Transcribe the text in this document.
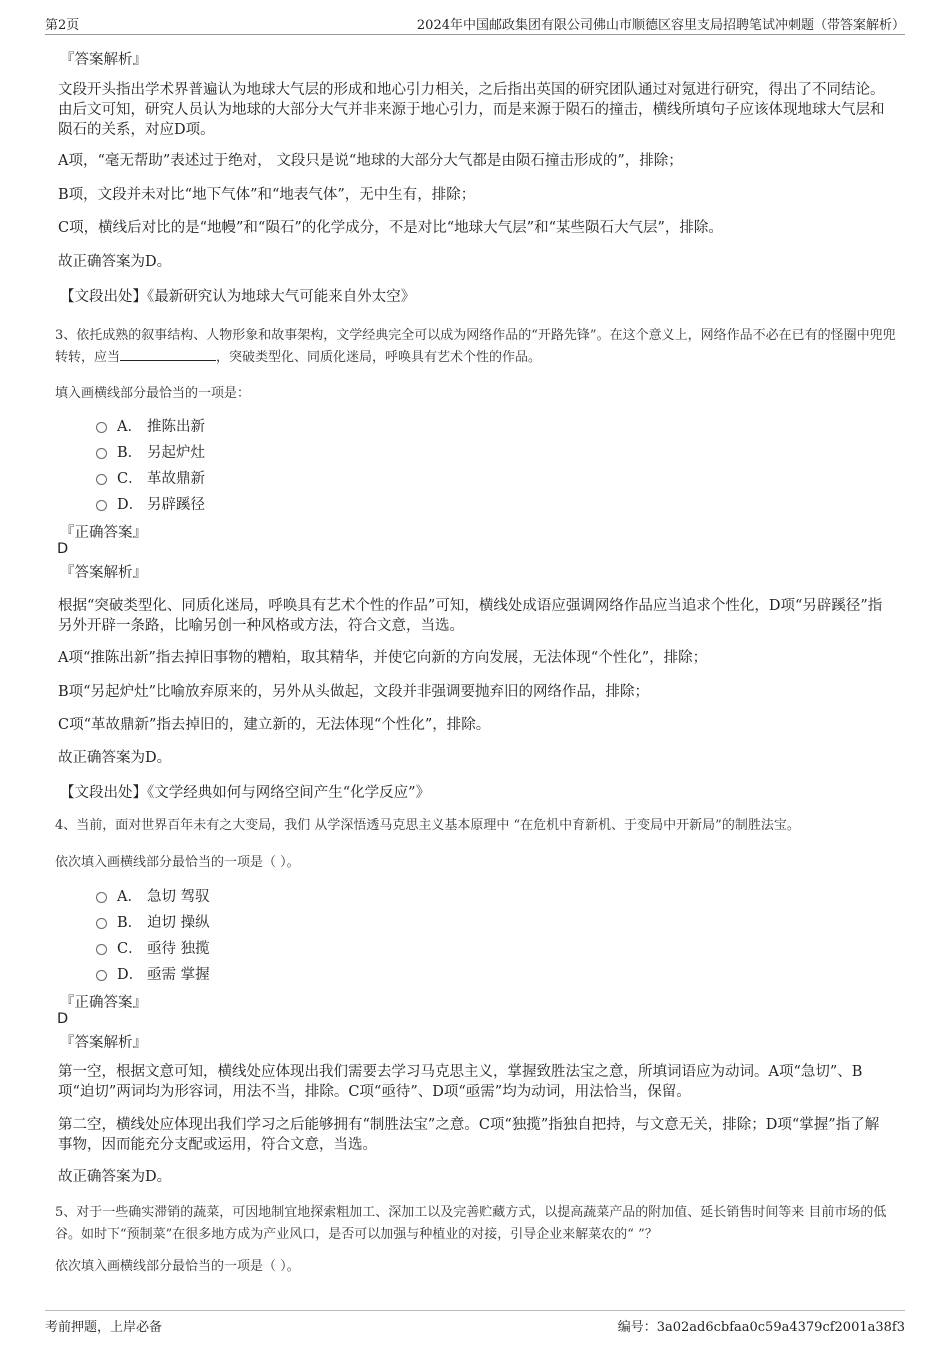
第2页	2024年中国邮政集团有限公司佛山市顺德区容里支局招聘笔试冲刺题（带答案解析）
『答案解析』

文段开头指出学术界普遍认为地球大气层的形成和地心引力相关，之后指出英国的研究团队通过对氪进行研究，得出了不同结论。由后文可知，研究人员认为地球的大部分大气并非来源于地心引力，而是来源于陨石的撞击，横线所填句子应该体现地球大气层和陨石的关系，对应D项。

A项，“毫无帮助”表述过于绝对， 文段只是说“地球的大部分大气都是由陨石撞击形成的”，排除；

B项，文段并未对比“地下气体”和“地表气体”，无中生有，排除；

C项，横线后对比的是“地幔”和“陨石”的化学成分，不是对比“地球大气层”和“某些陨石大气层”，排除。

故正确答案为D。

【文段出处】《最新研究认为地球大气可能来自外太空》

3、依托成熟的叙事结构、人物形象和故事架构，文学经典完全可以成为网络作品的“开路先锋”。在这个意义上，网络作品不必在已有的怪圈中兜兜转转，应当	，突破类型化、同质化迷局，呼唤具有艺术个性的作品。

填入画横线部分最恰当的一项是：
A． 推陈出新
B． 另起炉灶
C． 革故鼎新
D． 另辟蹊径
『正确答案』
D
『答案解析』

根据“突破类型化、同质化迷局，呼唤具有艺术个性的作品”可知，横线处成语应强调网络作品应当追求个性化，D项“另辟蹊径”指另外开辟一条路，比喻另创一种风格或方法，符合文意，当选。

A项“推陈出新”指去掉旧事物的糟粕，取其精华，并使它向新的方向发展，无法体现“个性化”，排除；

B项“另起炉灶”比喻放弃原来的，另外从头做起，文段并非强调要抛弃旧的网络作品，排除；

C项“革故鼎新”指去掉旧的，建立新的，无法体现“个性化”，排除。

故正确答案为D。

【文段出处】《文学经典如何与网络空间产生“化学反应”》

4、当前，面对世界百年未有之大变局，我们 从学深悟透马克思主义基本原理中 “在危机中育新机、于变局中开新局”的制胜法宝。

依次填入画横线部分最恰当的一项是（ ）。
A． 急切 驾驭
B． 迫切 操纵
C． 亟待 独揽
D． 亟需 掌握
『正确答案』
D
『答案解析』

第一空，根据文意可知，横线处应体现出我们需要去学习马克思主义，掌握致胜法宝之意，所填词语应为动词。A项“急切”、B项“迫切”两词均为形容词，用法不当，排除。C项“亟待”、D项“亟需”均为动词，用法恰当，保留。

第二空，横线处应体现出我们学习之后能够拥有“制胜法宝”之意。C项“独揽”指独自把持，与文意无关，排除；D项“掌握”指了解事物，因而能充分支配或运用，符合文意，当选。

故正确答案为D。

5、对于一些确实滞销的蔬菜，可因地制宜地探索粗加工、深加工以及完善贮藏方式，以提高蔬菜产品的附加值、延长销售时间等来 目前市场的低谷。如时下“预制菜”在很多地方成为产业风口，是否可以加强与种植业的对接，引导企业来解菜农的“ ”？

依次填入画横线部分最恰当的一项是（ ）。
考前押题，上岸必备	编号：3a02ad6cbfaa0c59a4379cf2001a38f3
